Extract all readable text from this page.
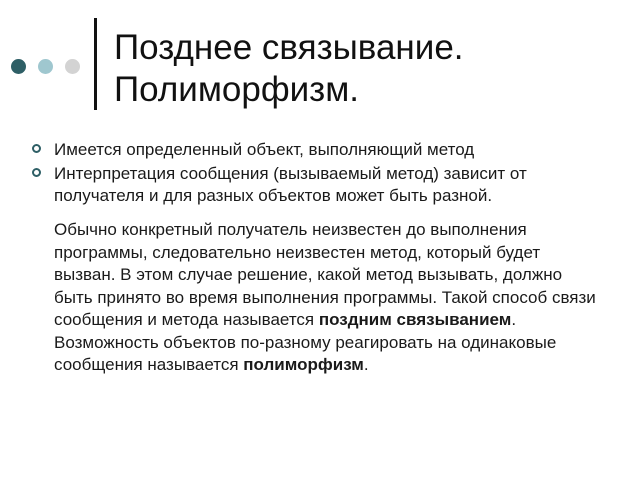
Позднее связывание.
Полиморфизм.
Имеется определенный объект, выполняющий метод
Интерпретация сообщения (вызываемый метод) зависит от получателя и для разных объектов может быть разной.
Обычно конкретный получатель неизвестен до выполнения программы, следовательно неизвестен метод, который будет вызван. В этом случае решение, какой метод вызывать, должно быть принято во время выполнения программы. Такой способ связи сообщения и метода называется поздним связыванием. Возможность объектов по-разному реагировать на одинаковые сообщения называется полиморфизм.
